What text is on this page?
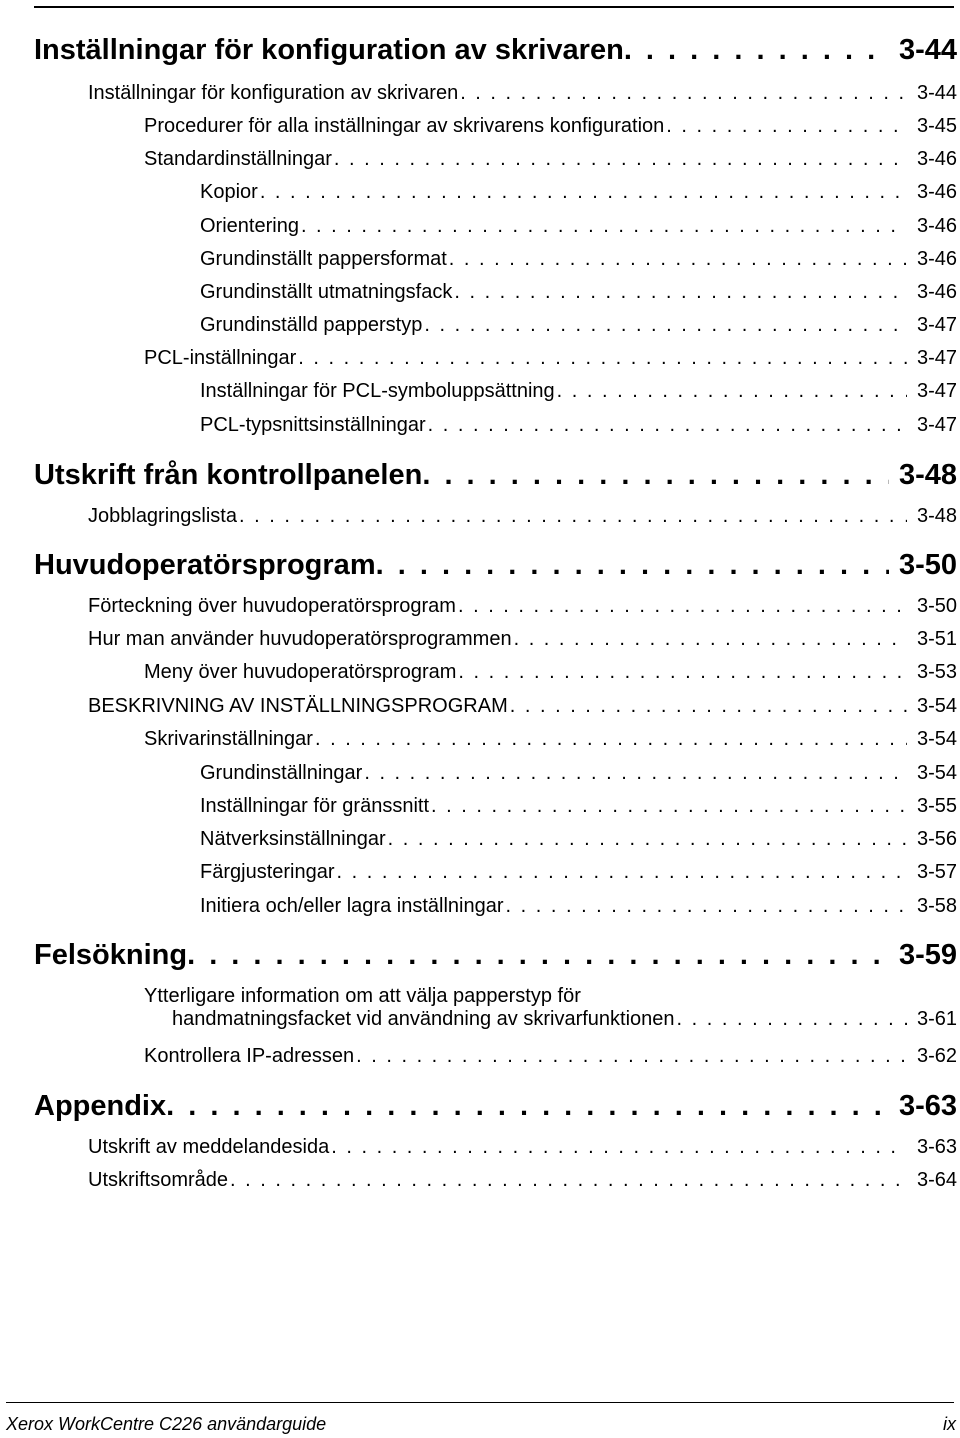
Inställningar för konfiguration av skrivaren . . .	3-44
Inställningar för konfiguration av skrivaren . . .	3-44
Procedurer för alla inställningar av skrivarens konfiguration . . .	3-45
Standardinställningar . . .	3-46
Kopior . . .	3-46
Orientering . . .	3-46
Grundinställt pappersformat . . .	3-46
Grundinställt utmatningsfack . . .	3-46
Grundinställd papperstyp . . .	3-47
PCL-inställningar . . .	3-47
Inställningar för PCL-symboluppsättning . . .	3-47
PCL-typsnittsinställningar . . .	3-47
Utskrift från kontrollpanelen . . .	3-48
Jobblagringslista . . .	3-48
Huvudoperatörsprogram . . .	3-50
Förteckning över huvudoperatörsprogram . . .	3-50
Hur man använder huvudoperatörsprogrammen . . .	3-51
Meny över huvudoperatörsprogram . . .	3-53
BESKRIVNING AV INSTÄLLNINGSPROGRAM . . .	3-54
Skrivarinställningar . . .	3-54
Grundinställningar . . .	3-54
Inställningar för gränssnitt . . .	3-55
Nätverksinställningar . . .	3-56
Färgjusteringar . . .	3-57
Initiera och/eller lagra inställningar . . .	3-58
Felsökning . . .	3-59
Ytterligare information om att välja papperstyp för
handmatningsfacket vid användning av skrivarfunktionen . . .	3-61
Kontrollera IP-adressen . . .	3-62
Appendix . . .	3-63
Utskrift av meddelandesida . . .	3-63
Utskriftsområde . . .	3-64
Xerox WorkCentre C226 användarguide	ix
